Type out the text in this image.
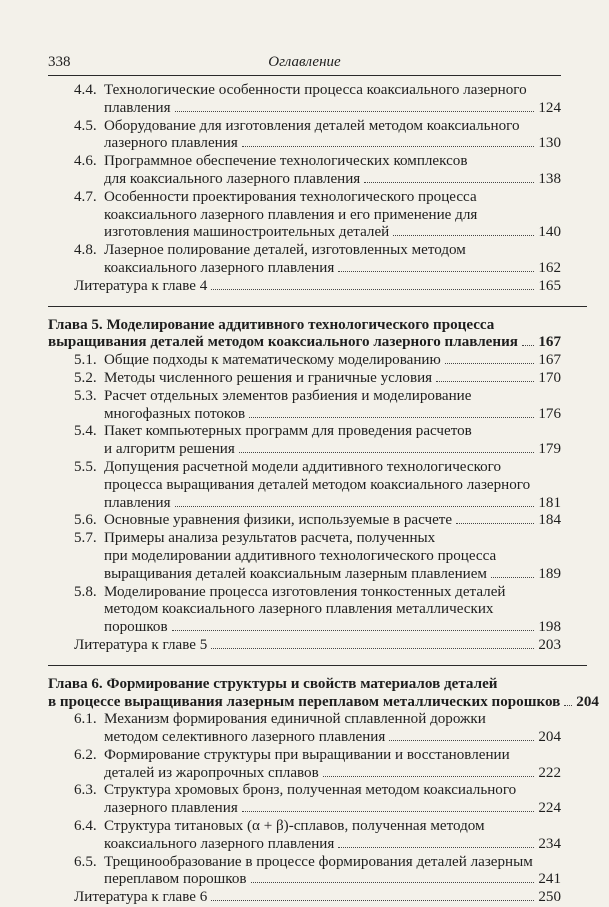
338	Оглавление
4.4. Технологические особенности процесса коаксиального лазерного
плавления	124
4.5. Оборудование для изготовления деталей методом коаксиального
лазерного плавления	130
4.6. Программное обеспечение технологических комплексов
для коаксиального лазерного плавления	138
4.7. Особенности проектирования технологического процесса
коаксиального лазерного плавления и его применение для
изготовления машиностроительных деталей	140
4.8. Лазерное полирование деталей, изготовленных методом
коаксиального лазерного плавления	162
Литература к главе 4	165
Глава 5. Моделирование аддитивного технологического процесса
выращивания деталей методом коаксиального лазерного плавления 167
5.1. Общие подходы к математическому моделированию	167
5.2. Методы численного решения и граничные условия	170
5.3. Расчет отдельных элементов разбиения и моделирование
многофазных потоков	176
5.4. Пакет компьютерных программ для проведения расчетов
и алгоритм решения	179
5.5. Допущения расчетной модели аддитивного технологического
процесса выращивания деталей методом коаксиального лазерного
плавления	181
5.6. Основные уравнения физики, используемые в расчете	184
5.7. Примеры анализа результатов расчета, полученных
при моделировании аддитивного технологического процесса
выращивания деталей коаксиальным лазерным плавлением	189
5.8. Моделирование процесса изготовления тонкостенных деталей
методом коаксиального лазерного плавления металлических
порошков	198
Литература к главе 5	203
Глава 6. Формирование структуры и свойств материалов деталей
в процессе выращивания лазерным переплавом металлических порошков 204
6.1. Механизм формирования единичной сплавленной дорожки
методом селективного лазерного плавления	204
6.2. Формирование структуры при выращивании и восстановлении
деталей из жаропрочных сплавов	222
6.3. Структура хромовых бронз, полученная методом коаксиального
лазерного плавления	224
6.4. Структура титановых (α + β)-сплавов, полученная методом
коаксиального лазерного плавления	234
6.5. Трещинообразование в процессе формирования деталей лазерным
переплавом порошков	241
Литература к главе 6	250
